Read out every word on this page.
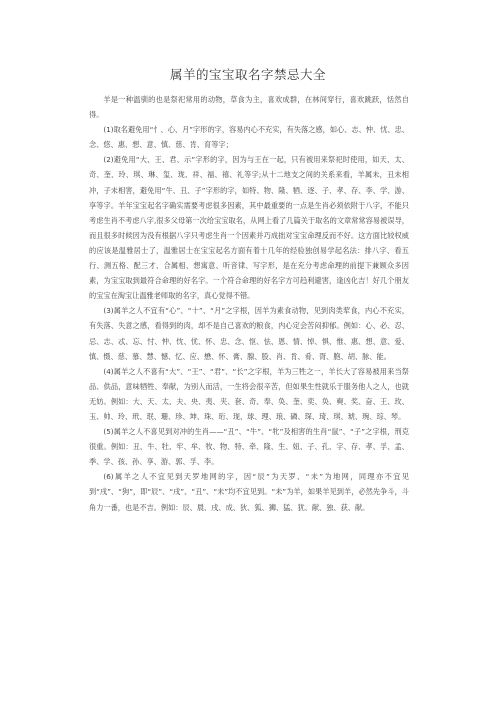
属羊的宝宝取名字禁忌大全

羊是一种温驯的也是祭祀常用的动物，草食为主，喜欢成群，在林间穿行，喜欢跳跃，恬然自得。

(1)取名避免用“忄、心、月”字形的字，容易内心不充实，有失落之感，如心、志、忡、忧、忠、念、悠、惠、想、意、慎、慈、肯、育等字；

(2)避免用“大、王、君、示”字形的字，因为与王在一起，只有被用来祭祀时使用，如天、太、奇、奎、玲、琪、琳、玺、珑、祥、福、禧、礼等字;从十二地支之间的关系来看，羊属未，丑未相冲，子未相害，避免用“牛、丑、子”字形的字，如特、物、隆、牺、逐、子、孝、存、李、学、游、享等字。羊年宝宝起名字确实需要考虑很多因素，其中最重要的一点是生肖必须依附于八字，不能只考虑生肖不考虑八字,很多父母第一次给宝宝取名，从网上看了几篇关于取名的文章常常容易被误导，而且很多时候因为没有根据八字只考虑生肖一个因素并巧成拙对宝宝命理反而不好。这方面比较权威的应该是温雅居士了，温雅居士在宝宝起名方面有着十几年的经验独创易学起名法：排八字、看五行、测五格、配三才、合属相、想寓意、听音律、写字形，是在充分考虑命理的前提下兼顾众多因素，为宝宝取到最符合命理的好名字。一个符合命理的好名字方可趋利避害，逢凶化吉！好几个朋友的宝宝在淘宝让温雅老师取的名字，真心觉得不错。

(3)属羊之人不宜有“心”、“十”、“月”之字根，因羊为素食动物，见到肉类荤食，内心不充实，有失落、失意之感，看得到的肉，却不是自己喜欢的粮食，内心定会苦闷抑郁。例如：心、必、忍、忌、志、忒、忘、忖、忡、忱、忧、怀、忠、念、怄、怯、恩、情、悼、惧、惟、惠、想、意、爱、慎、慑、慈、慕、慧、憾、忆、应、懋、怀、膏、腺、股、肖、肯、肴、胥、胞、胡、脉、能。

(4)属羊之人不喜有“大”、“王”、“君”、“长”之字根，羊为三牲之一，羊长大了容易被用来当祭品、供品，意味牺牲、奉献，为别人而活，一生将会很辛苦，但如果生性就乐于服务他人之人，也就无妨。例如：大、天、太、夫、央、夷、夹、套、奇、奉、奂、奎、奕、奂、奭、奖、奋、王、玫、玉、帅、玲、玳、珉、珊、珍、坤、珠、珩、现、球、理、琅、磷、琛、琦、琪、琥、琬、琮、琴。

(5)属羊之人不喜见到对冲的生肖——“丑”、“牛”、“牝”及相害的生肖“鼠”、“子”之字根，刑克很重。例如：丑、牛、牡、牢、牟、牧、物、特、牵、隆、生、妞、子、孔、字、存、孝、孚、孟、季、学、孩、孙、享、游、郭、孚、李。

(6)属羊之人不宜见到天罗地网的字，因“辰”为天罗、“未”为地网，同理亦不宜见到“戌”、“狗”，即“辰”、“戌”、“丑”、“未”均不宜见到。“未”为羊，如果羊见到羊，必然先争斗，斗角力一番，也是不吉。例如：辰、晨、戌、成、狄、狐、狮、猛、犹、献、独、获、献。
